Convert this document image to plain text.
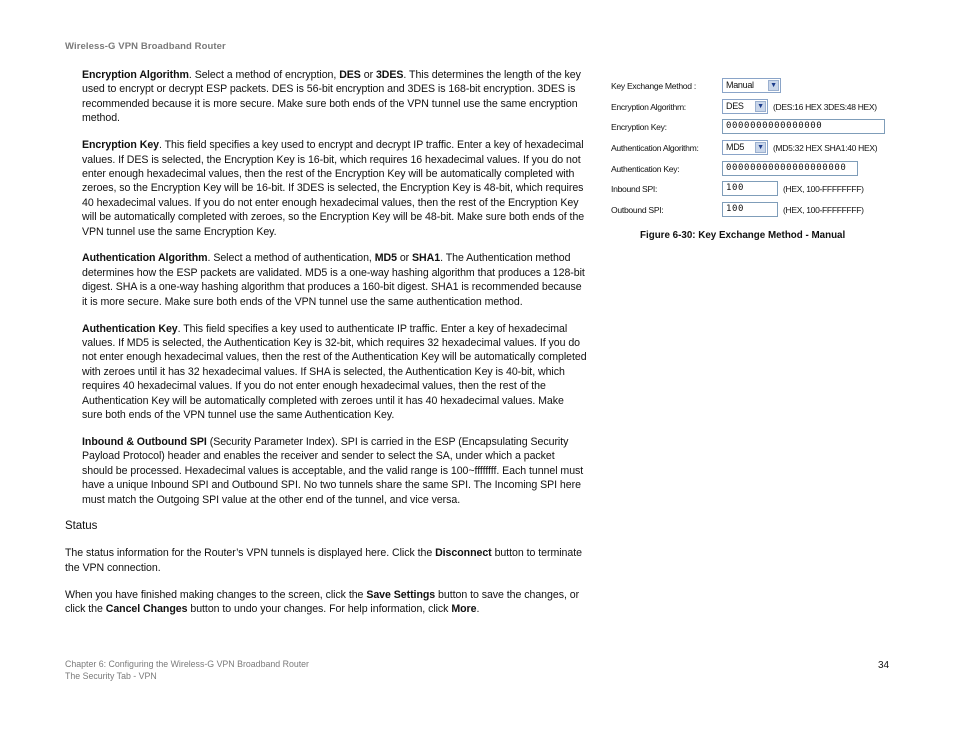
Wireless-G VPN Broadband Router

Encryption Algorithm. Select a method of encryption, DES or 3DES. This determines the length of the key used to encrypt or decrypt ESP packets. DES is 56-bit encryption and 3DES is 168-bit encryption. 3DES is recommended because it is more secure. Make sure both ends of the VPN tunnel use the same encryption method.

Encryption Key. This field specifies a key used to encrypt and decrypt IP traffic. Enter a key of hexadecimal values. If DES is selected, the Encryption Key is 16-bit, which requires 16 hexadecimal values. If you do not enter enough hexadecimal values, then the rest of the Encryption Key will be automatically completed with zeroes, so the Encryption Key will be 16-bit. If 3DES is selected, the Encryption Key is 48-bit, which requires 40 hexadecimal values. If you do not enter enough hexadecimal values, then the rest of the Encryption Key will be automatically completed with zeroes, so the Encryption Key will be 48-bit. Make sure both ends of the VPN tunnel use the same Encryption Key.

Authentication Algorithm. Select a method of authentication, MD5 or SHA1. The Authentication method determines how the ESP packets are validated. MD5 is a one-way hashing algorithm that produces a 128-bit digest. SHA is a one-way hashing algorithm that produces a 160-bit digest. SHA1 is recommended because it is more secure. Make sure both ends of the VPN tunnel use the same authentication method.

Authentication Key. This field specifies a key used to authenticate IP traffic. Enter a key of hexadecimal values. If MD5 is selected, the Authentication Key is 32-bit, which requires 32 hexadecimal values. If you do not enter enough hexadecimal values, then the rest of the Authentication Key will be automatically completed with zeroes until it has 32 hexadecimal values. If SHA is selected, the Authentication Key is 40-bit, which requires 40 hexadecimal values. If you do not enter enough hexadecimal values, then the rest of the Authentication Key will be automatically completed with zeroes until it has 40 hexadecimal values. Make sure both ends of the VPN tunnel use the same Authentication Key.

Inbound & Outbound SPI (Security Parameter Index). SPI is carried in the ESP (Encapsulating Security Payload Protocol) header and enables the receiver and sender to select the SA, under which a packet should be processed. Hexadecimal values is acceptable, and the valid range is 100~ffffffff. Each tunnel must have a unique Inbound SPI and Outbound SPI. No two tunnels share the same SPI. The Incoming SPI here must match the Outgoing SPI value at the other end of the tunnel, and vice versa.

Status

The status information for the Router’s VPN tunnels is displayed here. Click the Disconnect button to terminate the VPN connection.

When you have finished making changes to the screen, click the Save Settings button to save the changes, or click the Cancel Changes button to undo your changes. For help information, click More.

Key Exchange Method :	Manual	▼
Encryption Algorithm:	DES	▼ (DES:16 HEX 3DES:48 HEX)
Encryption Key:	0000000000000000
Authentication Algorithm:	MD5	▼ (MD5:32 HEX SHA1:40 HEX)
Authentication Key:	00000000000000000000
Inbound SPI:	100	(HEX, 100-FFFFFFFF)
Outbound SPI:	100	(HEX, 100-FFFFFFFF)
Figure 6-30: Key Exchange Method - Manual
Chapter 6: Configuring the Wireless-G VPN Broadband Router
The Security Tab - VPN
34
